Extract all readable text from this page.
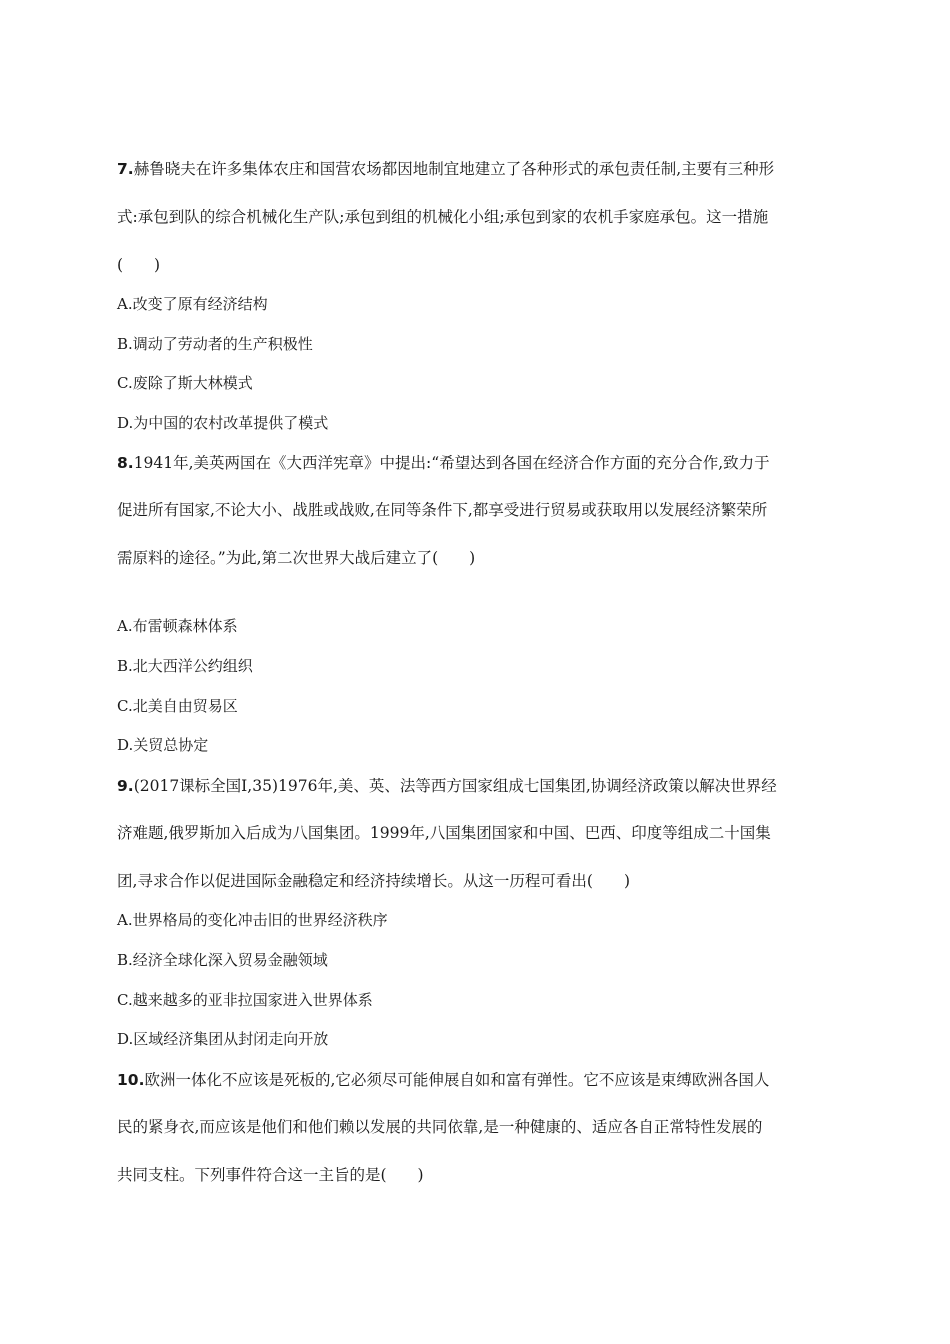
7.赫鲁晓夫在许多集体农庄和国营农场都因地制宜地建立了各种形式的承包责任制,主要有三种形
式:承包到队的综合机械化生产队;承包到组的机械化小组;承包到家的农机手家庭承包。这一措施
(　　)
A.改变了原有经济结构
B.调动了劳动者的生产积极性
C.废除了斯大林模式
D.为中国的农村改革提供了模式
8.1941年,美英两国在《大西洋宪章》中提出:“希望达到各国在经济合作方面的充分合作,致力于
促进所有国家,不论大小、战胜或战败,在同等条件下,都享受进行贸易或获取用以发展经济繁荣所
需原料的途径。”为此,第二次世界大战后建立了(　　)
A.布雷顿森林体系
B.北大西洋公约组织
C.北美自由贸易区
D.关贸总协定
9.(2017课标全国Ⅰ,35)1976年,美、英、法等西方国家组成七国集团,协调经济政策以解决世界经
济难题,俄罗斯加入后成为八国集团。1999年,八国集团国家和中国、巴西、印度等组成二十国集
团,寻求合作以促进国际金融稳定和经济持续增长。从这一历程可看出(　　)
A.世界格局的变化冲击旧的世界经济秩序
B.经济全球化深入贸易金融领域
C.越来越多的亚非拉国家进入世界体系
D.区域经济集团从封闭走向开放
10.欧洲一体化不应该是死板的,它必须尽可能伸展自如和富有弹性。它不应该是束缚欧洲各国人
民的紧身衣,而应该是他们和他们赖以发展的共同依靠,是一种健康的、适应各自正常特性发展的
共同支柱。下列事件符合这一主旨的是(　　)
